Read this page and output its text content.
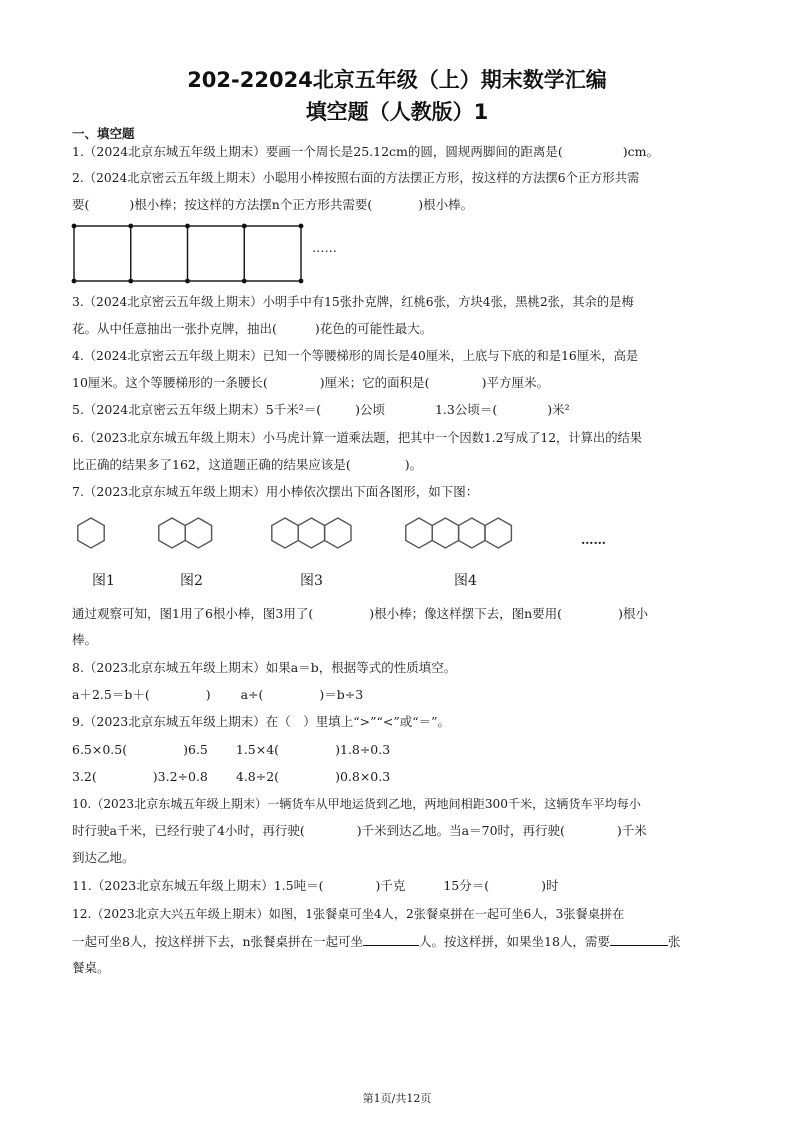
202-22024北京五年级（上）期末数学汇编
填空题（人教版）1
一、填空题
1.（2024北京东城五年级上期末）要画一个周长是25.12cm的圆，圆规两脚间的距离是(	)cm。
2.（2024北京密云五年级上期末）小聪用小棒按照右面的方法摆正方形，按这样的方法摆6个正方形共需
要(	)根小棒；按这样的方法摆n个正方形共需要(	)根小棒。
……
3.（2024北京密云五年级上期末）小明手中有15张扑克牌，红桃6张，方块4张，黑桃2张，其余的是梅
花。从中任意抽出一张扑克牌，抽出(	)花色的可能性最大。
4.（2024北京密云五年级上期末）已知一个等腰梯形的周长是40厘米，上底与下底的和是16厘米，高是
10厘米。这个等腰梯形的一条腰长(	)厘米；它的面积是(	)平方厘米。
5.（2024北京密云五年级上期末）5千米²＝(	)公顷	1.3公顷＝(	)米²
6.（2023北京东城五年级上期末）小马虎计算一道乘法题，把其中一个因数1.2写成了12，计算出的结果
比正确的结果多了162，这道题正确的结果应该是(	)。
7.（2023北京东城五年级上期末）用小棒依次摆出下面各图形，如下图：
……
图1	图2	图3	图4
通过观察可知，图1用了6根小棒，图3用了(	)根小棒；像这样摆下去，图n要用(	)根小
棒。
8.（2023北京东城五年级上期末）如果a＝b，根据等式的性质填空。
a＋2.5＝b＋(	) a÷(	)＝b÷3
9.（2023北京东城五年级上期末）在（　）里填上“>”“<”或“＝”。
6.5×0.5(	)6.5 1.5×4(	)1.8÷0.3
3.2(	)3.2÷0.8 4.8÷2(	)0.8×0.3
10.（2023北京东城五年级上期末）一辆货车从甲地运货到乙地，两地间相距300千米，这辆货车平均每小
时行驶a千米，已经行驶了4小时，再行驶(	)千米到达乙地。当a＝70时，再行驶(	)千米
到达乙地。
11.（2023北京东城五年级上期末）1.5吨＝(	)千克	15分＝(	)时
12.（2023北京大兴五年级上期末）如图，1张餐桌可坐4人，2张餐桌拼在一起可坐6人，3张餐桌拼在
一起可坐8人，按这样拼下去，n张餐桌拼在一起可坐	人。按这样拼，如果坐18人，需要	张
餐桌。
第1页/共12页
